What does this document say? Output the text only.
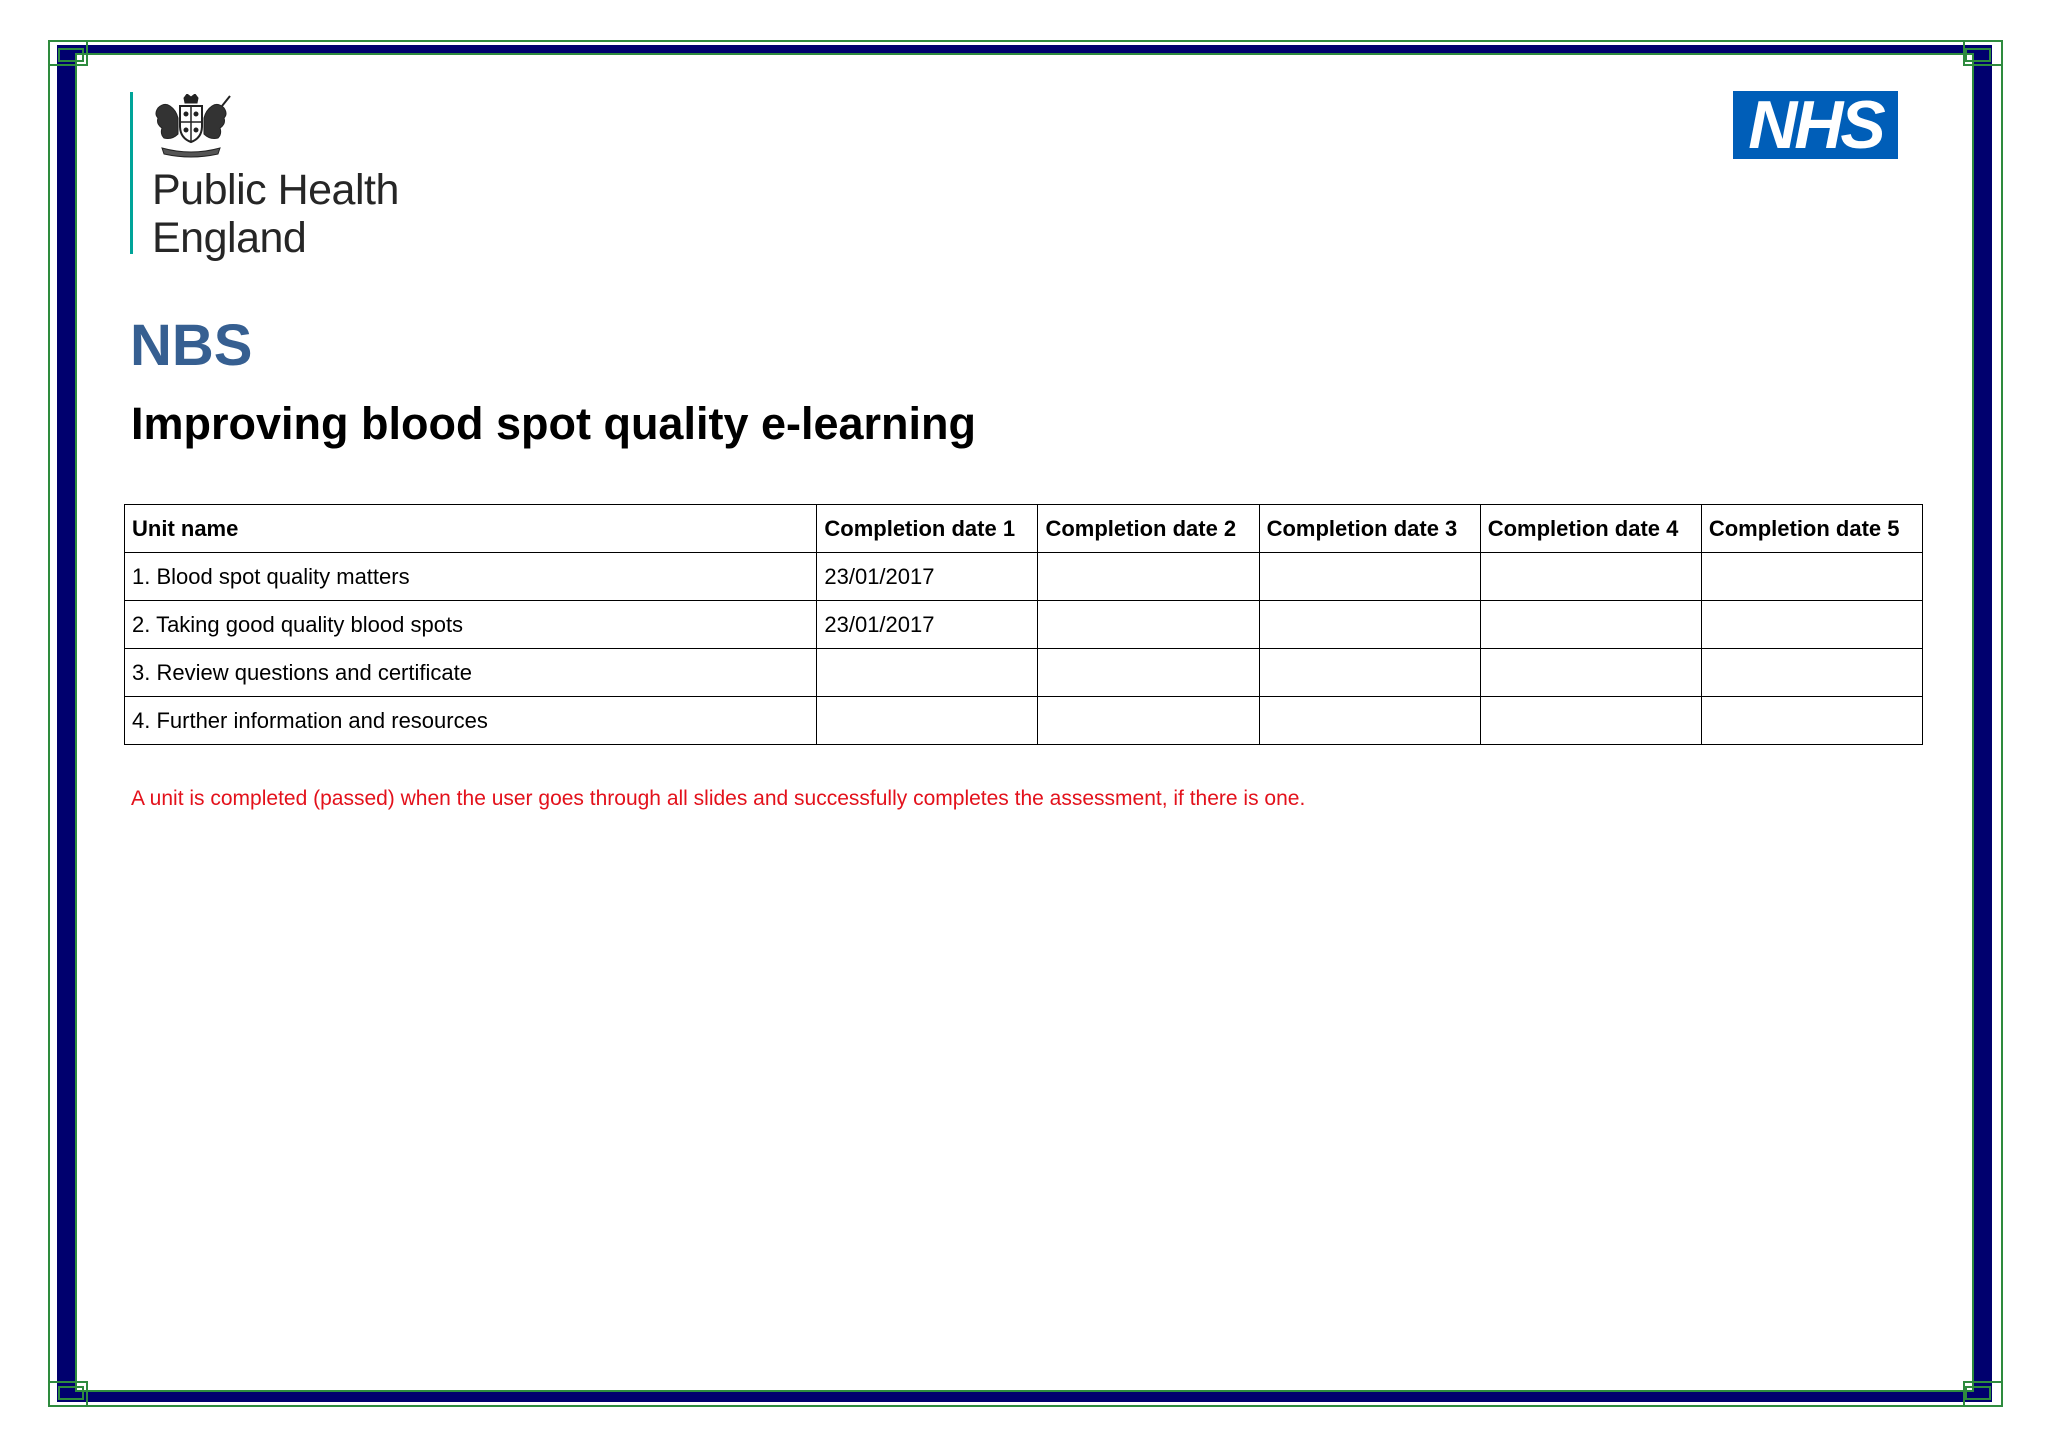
Public Health
England
NHS
NBS
Improving blood spot quality e-learning
Unit name	Completion date 1	Completion date 2	Completion date 3	Completion date 4	Completion date 5
1. Blood spot quality matters	23/01/2017				
2. Taking good quality blood spots	23/01/2017				
3. Review questions and certificate					
4. Further information and resources					
A unit is completed (passed) when the user goes through all slides and successfully completes the assessment, if there is one.
